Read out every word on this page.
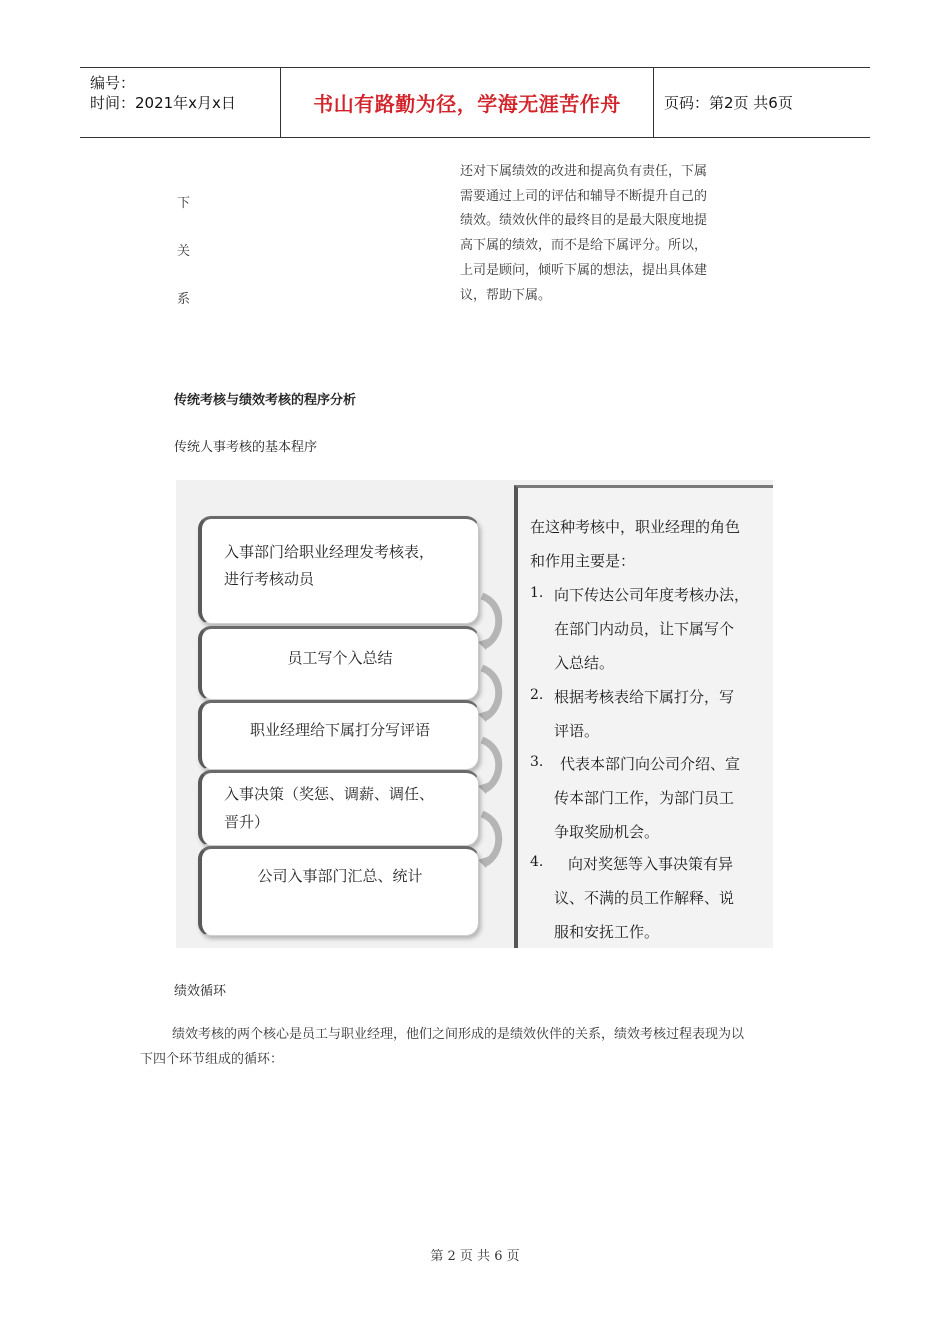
编号：
时间：2021年x月x日	书山有路勤为径，学海无涯苦作舟	页码：第2页 共6页
下
关
系
还对下属绩效的改进和提高负有责任，下属
需要通过上司的评估和辅导不断提升自己的
绩效。绩效伙伴的最终目的是最大限度地提
高下属的绩效，而不是给下属评分。所以，
上司是顾问，倾听下属的想法，提出具体建
议，帮助下属。
传统考核与绩效考核的程序分析
传统人事考核的基本程序
入事部门给职业经理发考核表，
进行考核动员
员工写个入总结
职业经理给下属打分写评语
入事决策（奖惩、调薪、调任、
晋升）
公司入事部门汇总、统计
在这种考核中，职业经理的角色
和作用主要是：
1. 向下传达公司年度考核办法，
在部门内动员，让下属写个
入总结。
2. 根据考核表给下属打分，写
评语。
3. 代表本部门向公司介绍、宣
传本部门工作，为部门员工
争取奖励机会。
4. 向对奖惩等入事决策有异
议、不满的员工作解释、说
服和安抚工作。
绩效循环
绩效考核的两个核心是员工与职业经理，他们之间形成的是绩效伙伴的关系，绩效考核过程表现为以
下四个环节组成的循环：
第 2 页 共 6 页
